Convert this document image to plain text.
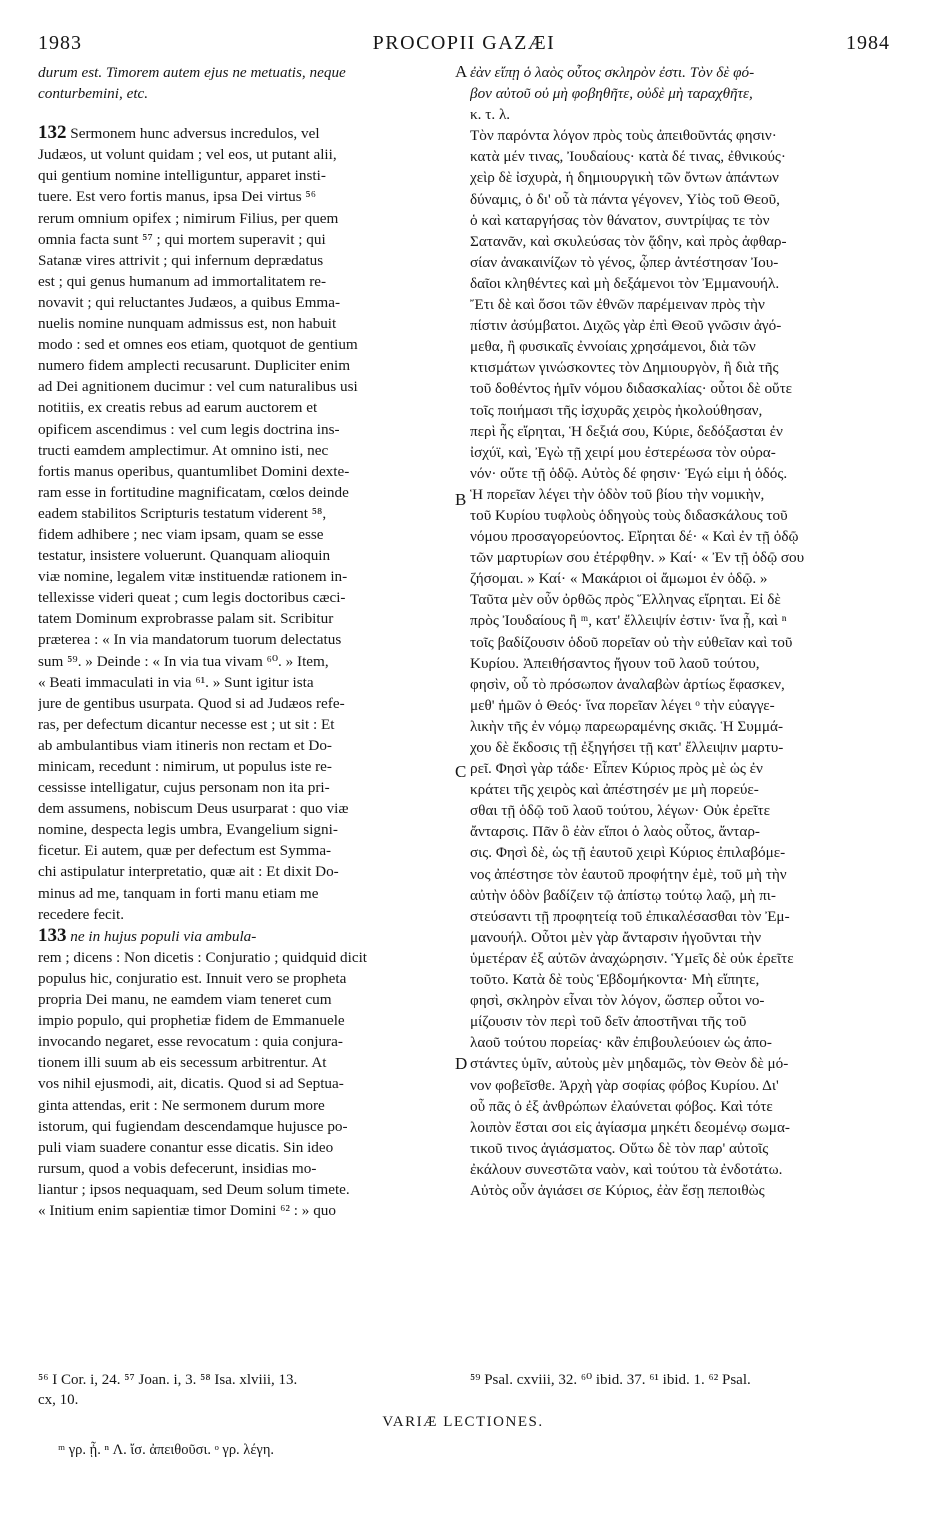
1983	PROCOPII GAZÆI	1984
durum est. Timorem autem ejus ne metuatis, neque
conturbemini, etc.
132 Sermonem hunc adversus incredulos, vel
Judæos, ut volunt quidam ; vel eos, ut putant alii,
qui gentium nomine intelliguntur, apparet insti-
tuere. Est vero fortis manus, ipsa Dei virtus ⁵⁶
rerum omnium opifex ; nimirum Filius, per quem
omnia facta sunt ⁵⁷ ; qui mortem superavit ; qui
Satanæ vires attrivit ; qui infernum deprædatus
est ; qui genus humanum ad immortalitatem re-
novavit ; qui reluctantes Judæos, a quibus Emma-
nuelis nomine nunquam admissus est, non habuit
modo : sed et omnes eos etiam, quotquot de gentium
numero fidem amplecti recusarunt. Dupliciter enim
ad Dei agnitionem ducimur : vel cum naturalibus usi
notitiis, ex creatis rebus ad earum auctorem et
opificem ascendimus : vel cum legis doctrina ins-
tructi eamdem amplectimur. At omnino isti, nec
fortis manus operibus, quantumlibet Domini dexte-
ram esse in fortitudine magnificatam, cœlos deinde
eadem stabilitos Scripturis testatum viderent ⁵⁸,
fidem adhibere ; nec viam ipsam, quam se esse
testatur, insistere voluerunt. Quanquam alioquin
viæ nomine, legalem vitæ instituendæ rationem in-
tellexisse videri queat ; cum legis doctoribus cæci-
tatem Dominum exprobrasse palam sit. Scribitur
præterea : « In via mandatorum tuorum delectatus
sum ⁵⁹. » Deinde : « In via tua vivam ⁶⁰. » Item,
« Beati immaculati in via ⁶¹. » Sunt igitur ista
jure de gentibus usurpata. Quod si ad Judæos refe-
ras, per defectum dicantur necesse est ; ut sit : Et
ab ambulantibus viam itineris non rectam et Do-
minicam, recedunt : nimirum, ut populus iste re-
cessisse intelligatur, cujus personam non ita pri-
dem assumens, nobiscum Deus usurparat : quo viæ
nomine, despecta legis umbra, Evangelium signi-
ficetur. Ei autem, quæ per defectum est Symma-
chi astipulatur interpretatio, quæ ait : Et dixit Do-
minus ad me, tanquam in forti manu etiam me
recedere fecit.
133 ne in hujus populi via ambula-
rem ; dicens : Non dicetis : Conjuratio ; quidquid dicit
populus hic, conjuratio est. Innuit vero se propheta
propria Dei manu, ne eamdem viam teneret cum
impio populo, qui prophetiæ fidem de Emmanuele
invocando negaret, esse revocatum : quia conjura-
tionem illi suum ab eis secessum arbitrentur. At
vos nihil ejusmodi, ait, dicatis. Quod si ad Septua-
ginta attendas, erit : Ne sermonem durum more
istorum, qui fugiendam descendamque hujusce po-
puli viam suadere conantur esse dicatis. Sin ideo
rursum, quod a vobis defecerunt, insidias mo-
liantur ; ipsos nequaquam, sed Deum solum timete.
« Initium enim sapientiæ timor Domini ⁶² : » quo
A
B
C
D
ἐὰν εἴπῃ ὁ λαὸς οὗτος σκληρὸν ἐστι. Τὸν δὲ φό-
βον αὐτοῦ οὐ μὴ φοβηθῆτε, οὐδὲ μὴ ταραχθῆτε,
κ. τ. λ.
Τὸν παρόντα λόγον πρὸς τοὺς ἀπειθοῦντάς φησιν·
κατὰ μέν τινας, Ἰουδαίους· κατὰ δέ τινας, ἐθνικούς·
χεὶρ δὲ ἰσχυρὰ, ἡ δημιουργικὴ τῶν ὄντων ἁπάντων
δύναμις, ὁ δι' οὗ τὰ πάντα γέγονεν, Υἱὸς τοῦ Θεοῦ,
ὁ καὶ καταργήσας τὸν θάνατον, συντρίψας τε τὸν
Σατανᾶν, καὶ σκυλεύσας τὸν ᾅδην, καὶ πρὸς ἀφθαρ-
σίαν ἀνακαινίζων τὸ γένος, ᾧπερ ἀντέστησαν Ἰου-
δαῖοι κληθέντες καὶ μὴ δεξάμενοι τὸν Ἐμμανουήλ.
Ἔτι δὲ καὶ ὅσοι τῶν ἐθνῶν παρέμειναν πρὸς τὴν
πίστιν ἀσύμβατοι. Διχῶς γὰρ ἐπὶ Θεοῦ γνῶσιν ἀγό-
μεθα, ἢ φυσικαῖς ἐννοίαις χρησάμενοι, διὰ τῶν
κτισμάτων γινώσκοντες τὸν Δημιουργὸν, ἢ διὰ τῆς
τοῦ δοθέντος ἡμῖν νόμου διδασκαλίας· οὗτοι δὲ οὔτε
τοῖς ποιήμασι τῆς ἰσχυρᾶς χειρὸς ἠκολούθησαν,
περὶ ἧς εἴρηται, Ἡ δεξιά σου, Κύριε, δεδόξασται ἐν
ἰσχύϊ, καὶ, Ἐγὼ τῇ χειρί μου ἐστερέωσα τὸν οὐρα-
νόν· οὔτε τῇ ὁδῷ. Αὐτὸς δέ φησιν· Ἐγώ εἰμι ἡ ὁδός.
Ἡ πορεῖαν λέγει τὴν ὁδὸν τοῦ βίου τὴν νομικὴν,
τοῦ Κυρίου τυφλοὺς ὁδηγοὺς τοὺς διδασκάλους τοῦ
νόμου προσαγορεύοντος. Εἴρηται δέ· « Καὶ ἐν τῇ ὁδῷ
τῶν μαρτυρίων σου ἐτέρφθην. » Καί· « Ἐν τῇ ὁδῷ σου
ζήσομαι. » Καί· « Μακάριοι οἱ ἄμωμοι ἐν ὁδῷ. »
Ταῦτα μὲν οὖν ὀρθῶς πρὸς Ἕλληνας εἴρηται. Εἰ δὲ
πρὸς Ἰουδαίους ἢ ᵐ, κατ' ἔλλειψίν ἐστιν· ἵνα ᾖ, καὶ ⁿ
τοῖς βαδίζουσιν ὁδοῦ πορεῖαν οὐ τὴν εὐθεῖαν καὶ τοῦ
Κυρίου. Ἀπειθήσαντος ἤγουν τοῦ λαοῦ τούτου,
φησὶν, οὗ τὸ πρόσωπον ἀναλαβὼν ἀρτίως ἔφασκεν,
μεθ' ἡμῶν ὁ Θεός· ἵνα πορεῖαν λέγει ᵒ τὴν εὐαγγε-
λικὴν τῆς ἐν νόμῳ παρεωραμένης σκιᾶς. Ἡ Συμμά-
χου δὲ ἔκδοσις τῇ ἐξηγήσει τῇ κατ' ἔλλειψιν μαρτυ-
ρεῖ. Φησὶ γὰρ τάδε· Εἶπεν Κύριος πρὸς μὲ ὡς ἐν
κράτει τῆς χειρὸς καὶ ἀπέστησέν με μὴ πορεύε-
σθαι τῇ ὁδῷ τοῦ λαοῦ τούτου, λέγων· Οὐκ ἐρεῖτε
ἄνταρσις. Πᾶν ὃ ἐὰν εἴποι ὁ λαὸς οὗτος, ἄνταρ-
σις. Φησὶ δὲ, ὡς τῇ ἑαυτοῦ χειρὶ Κύριος ἐπιλαβόμε-
νος ἀπέστησε τὸν ἑαυτοῦ προφήτην ἐμὲ, τοῦ μὴ τὴν
αὐτὴν ὁδὸν βαδίζειν τῷ ἀπίστῳ τούτῳ λαῷ, μὴ πι-
στεύσαντι τῇ προφητείᾳ τοῦ ἐπικαλέσασθαι τὸν Ἐμ-
μανουήλ. Οὗτοι μὲν γὰρ ἄνταρσιν ἡγοῦνται τὴν
ὑμετέραν ἐξ αὐτῶν ἀναχώρησιν. Ὑμεῖς δὲ οὐκ ἐρεῖτε
τοῦτο. Κατὰ δὲ τοὺς Ἑβδομήκοντα· Μὴ εἴπητε,
φησὶ, σκληρὸν εἶναι τὸν λόγον, ὥσπερ οὗτοι νο-
μίζουσιν τὸν περὶ τοῦ δεῖν ἀποστῆναι τῆς τοῦ
λαοῦ τούτου πορείας· κἂν ἐπιβουλεύοιεν ὡς ἀπο-
στάντες ὑμῖν, αὐτοὺς μὲν μηδαμῶς, τὸν Θεὸν δὲ μό-
νον φοβεῖσθε. Ἀρχὴ γὰρ σοφίας φόβος Κυρίου. Δι'
οὗ πᾶς ὁ ἐξ ἀνθρώπων ἐλαύνεται φόβος. Καὶ τότε
λοιπὸν ἔσται σοι εἰς ἁγίασμα μηκέτι δεομένῳ σωμα-
τικοῦ τινος ἁγιάσματος. Οὕτω δὲ τὸν παρ' αὐτοῖς
ἐκάλουν συνεστῶτα ναὸν, καὶ τούτου τὰ ἐνδοτάτω.
Αὐτὸς οὖν ἁγιάσει σε Κύριος, ἐὰν ἔσῃ πεποιθὼς
⁵⁶ I Cor. i, 24. ⁵⁷ Joan. i, 3. ⁵⁸ Isa. xlviii, 13.
cx, 10.
⁵⁹ Psal. cxviii, 32. ⁶⁰ ibid. 37. ⁶¹ ibid. 1. ⁶² Psal.
VARIÆ LECTIONES.
ᵐ γρ. ᾖ. ⁿ Λ. ἴσ. ἀπειθοῦσι. ᵒ γρ. λέγη.
